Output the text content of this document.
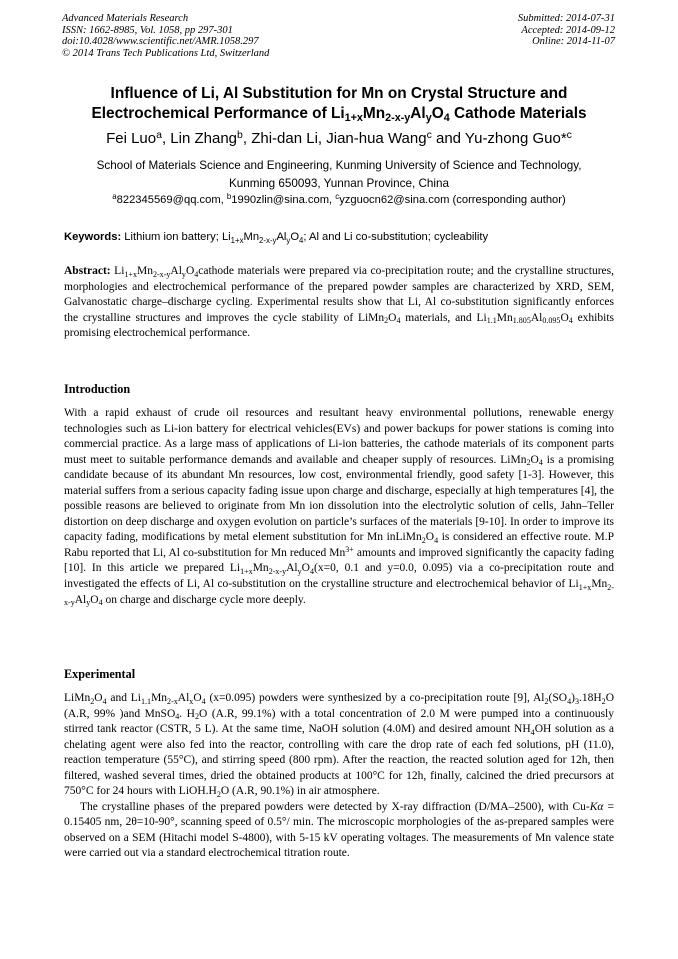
Advanced Materials Research
ISSN: 1662-8985, Vol. 1058, pp 297-301
doi:10.4028/www.scientific.net/AMR.1058.297
© 2014 Trans Tech Publications Ltd, Switzerland
Submitted: 2014-07-31
Accepted: 2014-09-12
Online: 2014-11-07
Influence of Li, Al Substitution for Mn on Crystal Structure and
Electrochemical Performance of $Li_{1+x}Mn_{2-x-y}Al_yO_4$ Cathode Materials
Fei Luo$^a$, Lin Zhang$^b$, Zhi-dan Li, Jian-hua Wang$^c$ and Yu-zhong Guo*$^c$
School of Materials Science and Engineering, Kunming University of Science and Technology,
Kunming 650093, Yunnan Province, China
$^a$822345569@qq.com, $^b$1990zlin@sina.com, $^c$yzguocn62@sina.com (corresponding author)
Keywords: Lithium ion battery; $Li_{1+x}Mn_{2-x-y}Al_yO_4$; Al and Li co-substitution; cycleability

Abstract: $Li_{1+x}Mn_{2-x-y}Al_yO_4cathode$ materials were prepared via co-precipitation route; and the crystalline structures, morphologies and electrochemical performance of the prepared powder samples are characterized by XRD, SEM, Galvanostatic charge–discharge cycling. Experimental results show that Li, Al co-substitution significantly enforces the crystalline structures and improves the cycle stability of $LiMn_2O_4$ materials, and $Li_{1.1}Mn_{1.805}Al_{0.095}O_4$ exhibits promising electrochemical performance.

Introduction

With a rapid exhaust of crude oil resources and resultant heavy environmental pollutions, renewable energy technologies such as Li-ion battery for electrical vehicles(EVs) and power backups for power stations is coming into commercial practice. As a large mass of applications of Li-ion batteries, the cathode materials of its component parts must meet to suitable performance demands and available and cheaper supply of resources. $LiMn_2O_4$ is a promising candidate because of its abundant Mn resources, low cost, environmental friendly, good safety [1-3]. However, this material suffers from a serious capacity fading issue upon charge and discharge, especially at high temperatures [4], the possible reasons are believed to originate from Mn ion dissolution into the electrolytic solution of cells, Jahn–Teller distortion on deep discharge and oxygen evolution on particle’s surfaces of the materials [9-10]. In order to improve its capacity fading, modifications by metal element substitution for Mn $inLiMn_2O_4$ is considered an effective route. M.P Rabu reported that Li, Al co-substitution for Mn reduced $Mn^{3+}$ amounts and improved significantly the capacity fading [10]. In this article we prepared $Li_{1+x}Mn_{2-x-y}Al_yO_4(x=0$, 0.1 and y=0.0, 0.095) via a co-precipitation route and investigated the effects of Li, Al co-substitution on the crystalline structure and electrochemical behavior of $Li_{1+x}Mn_{2-x-y}Al_yO_4$ on charge and discharge cycle more deeply.

Experimental

$LiMn_2O_4$ and $Li_{1.1}Mn_{2-x}Al_xO_4$ (x=0.095) powders were synthesized by a co-precipitation route [9], $Al_2(SO_4)_3.18H_2O$ (A.R, 99% )and MnSO$_4$. $H_2O$ (A.R, 99.1%) with a total concentration of 2.0 M were pumped into a continuously stirred tank reactor (CSTR, 5 L). At the same time, NaOH solution (4.0M) and desired amount $NH_4OH$ solution as a chelating agent were also fed into the reactor, controlling with care the drop rate of each fed solutions, pH (11.0), reaction temperature (55°C), and stirring speed (800 rpm). After the reaction, the reacted solution aged for 12h, then filtered, washed several times, dried the obtained products at 100°C for 12h, finally, calcined the dried precursors at 750°C for 24 hours with $LiOH.H_2O$ (A.R, 90.1%) in air atmosphere.

The crystalline phases of the prepared powders were detected by X-ray diffraction (D/MA–2500), with Cu-Kα = 0.15405 nm, 2θ=10-90°, scanning speed of 0.5°/ min. The microscopic morphologies of the as-prepared samples were observed on a SEM (Hitachi model S-4800), with 5-15 kV operating voltages. The measurements of Mn valence state were carried out via a standard electrochemical titration route.
